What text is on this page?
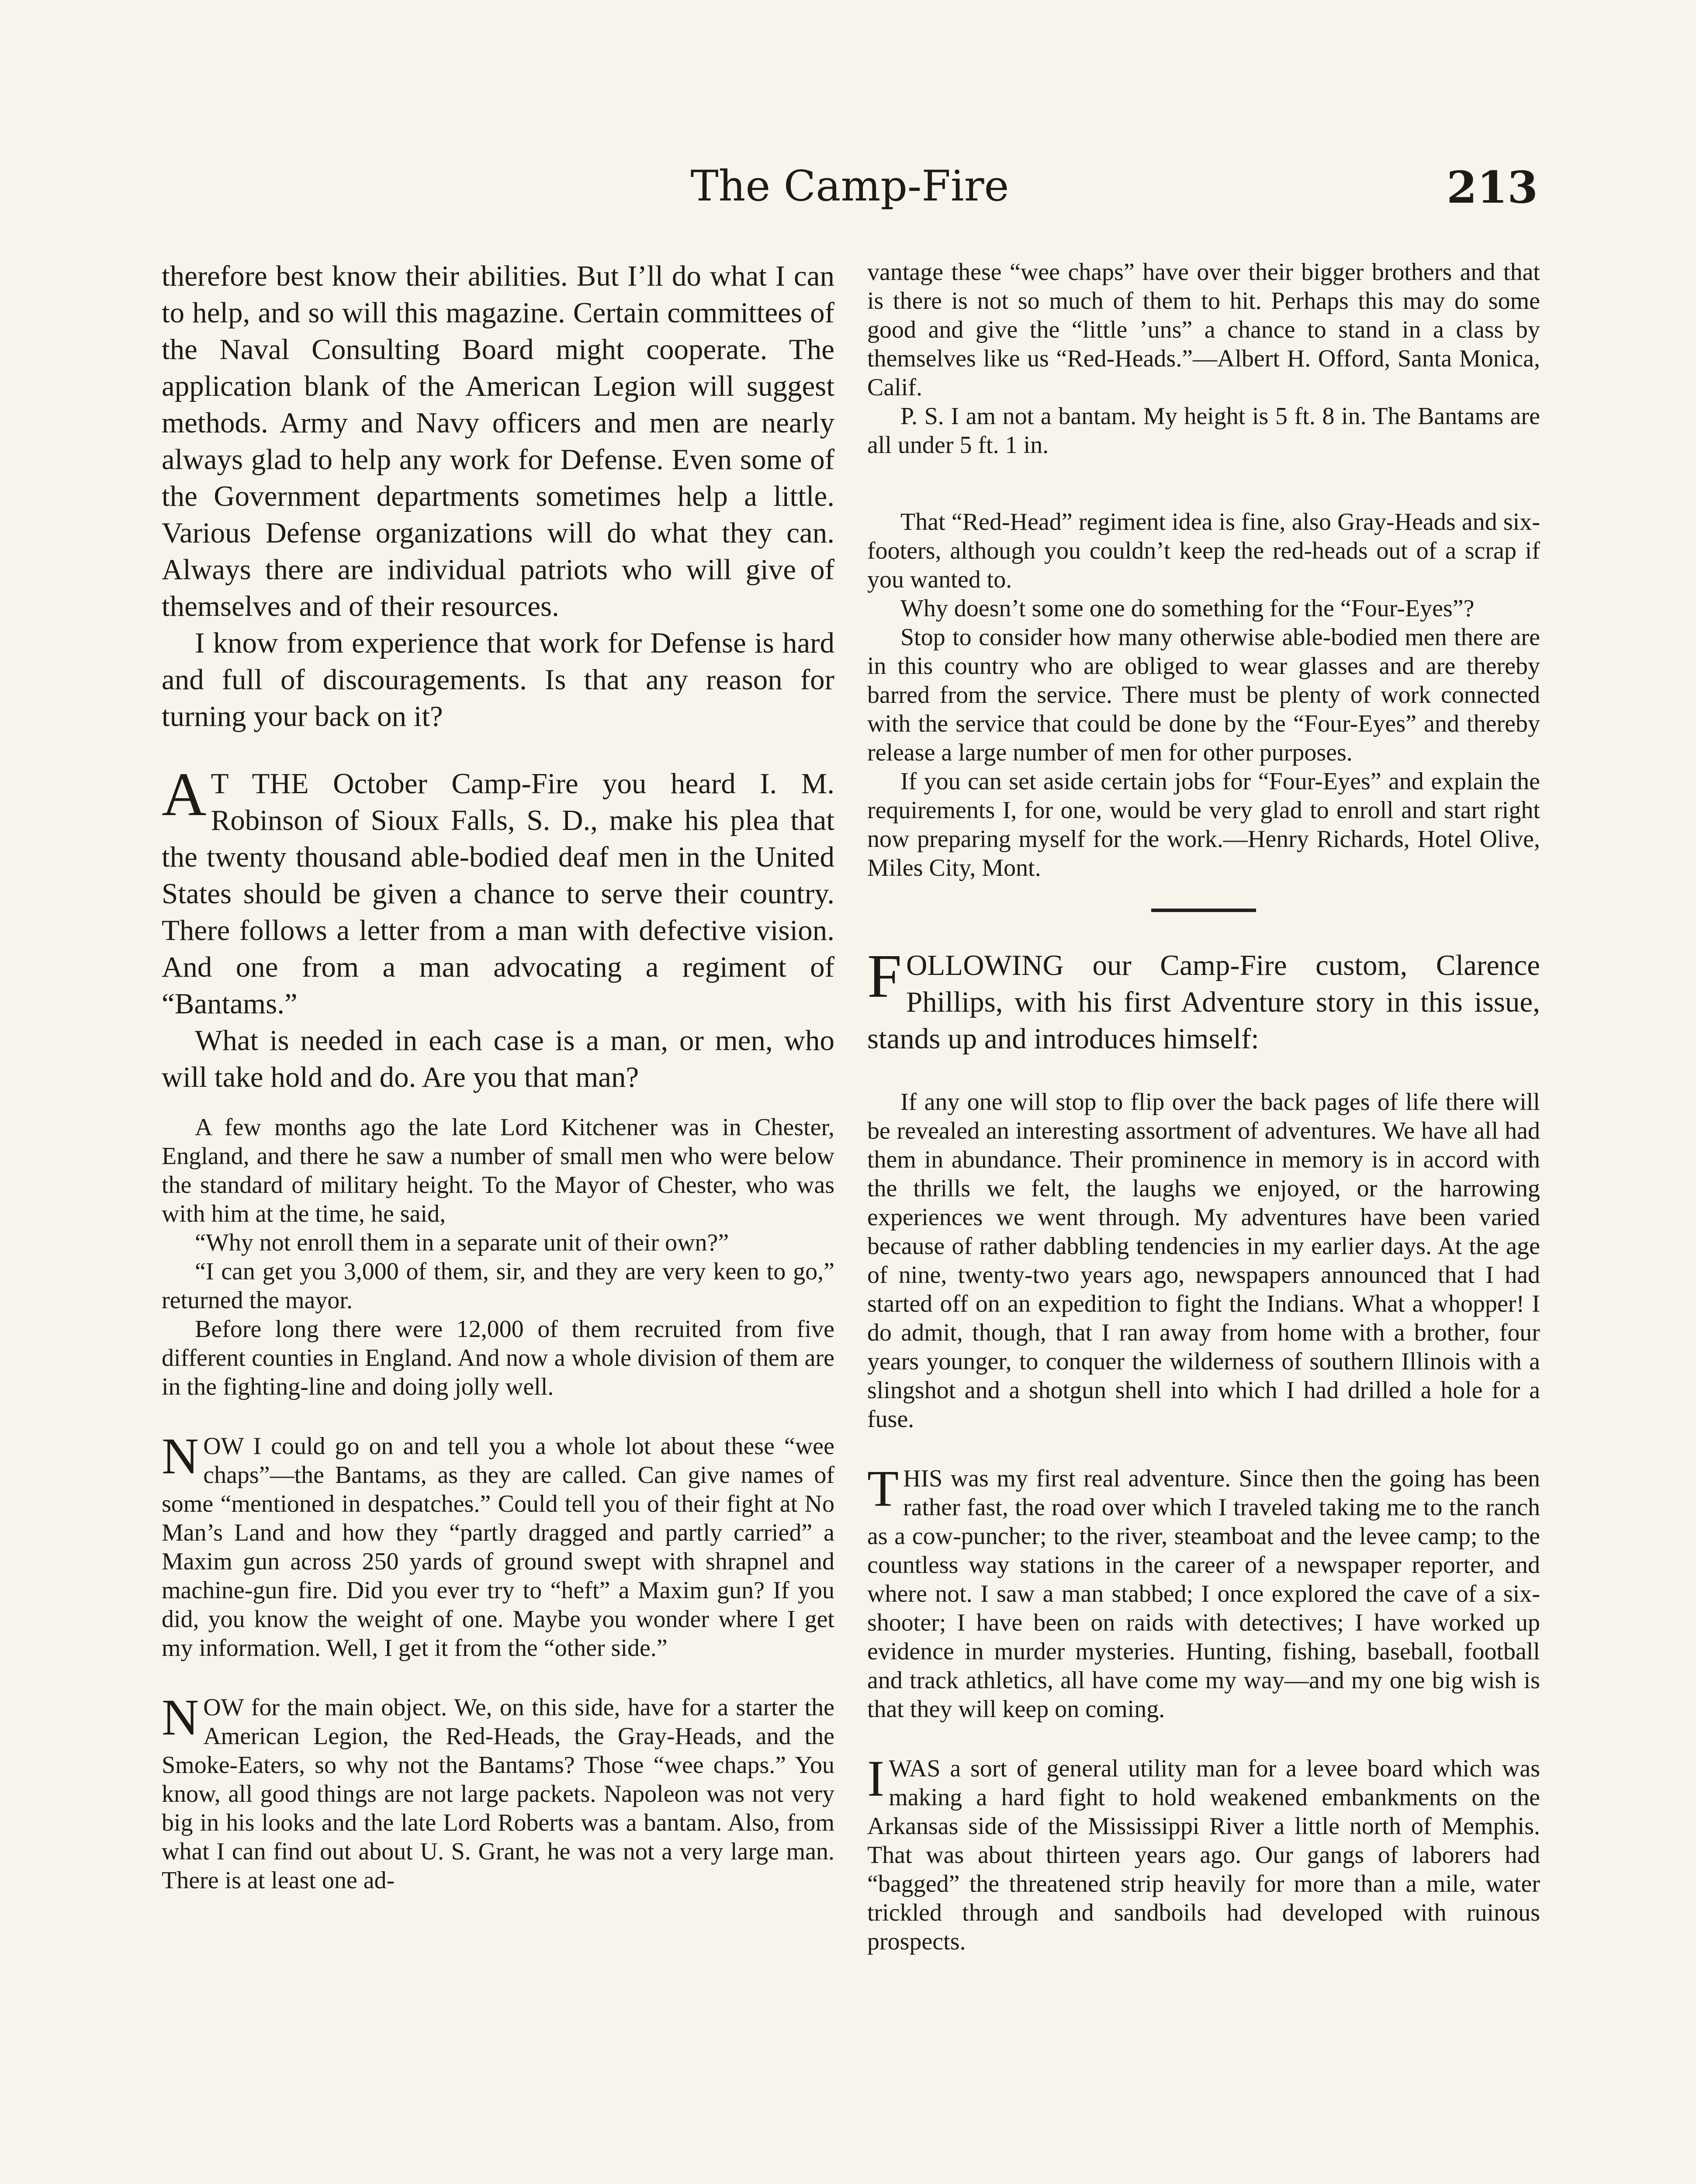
The Camp-Fire	213

therefore best know their abilities. But I’ll do what I can to help, and so will this magazine. Certain committees of the Naval Consulting Board might cooperate. The application blank of the American Legion will suggest methods. Army and Navy officers and men are nearly always glad to help any work for Defense. Even some of the Government departments sometimes help a little. Various Defense organizations will do what they can. Always there are individual patriots who will give of themselves and of their resources.

I know from experience that work for Defense is hard and full of discouragements. Is that any reason for turning your back on it?

A T THE October Camp-Fire you heard I. M. Robinson of Sioux Falls, S. D., make his plea that the twenty thousand able-bodied deaf men in the United States should be given a chance to serve their country. There follows a letter from a man with defective vision. And one from a man advocating a regiment of “Bantams.”

What is needed in each case is a man, or men, who will take hold and do. Are you that man?

A few months ago the late Lord Kitchener was in Chester, England, and there he saw a number of small men who were below the standard of military height. To the Mayor of Chester, who was with him at the time, he said,

“Why not enroll them in a separate unit of their own?”

“I can get you 3,000 of them, sir, and they are very keen to go,” returned the mayor.

Before long there were 12,000 of them recruited from five different counties in England. And now a whole division of them are in the fighting-line and doing jolly well.

NOW I could go on and tell you a whole lot about these “wee chaps”—the Bantams, as they are called. Can give names of some “mentioned in despatches.” Could tell you of their fight at No Man’s Land and how they “partly dragged and partly carried” a Maxim gun across 250 yards of ground swept with shrapnel and machine-gun fire. Did you ever try to “heft” a Maxim gun? If you did, you know the weight of one. Maybe you wonder where I get my information. Well, I get it from the “other side.”

NOW for the main object. We, on this side, have for a starter the American Legion, the Red-Heads, the Gray-Heads, and the Smoke-Eaters, so why not the Bantams? Those “wee chaps.” You know, all good things are not large packets. Napoleon was not very big in his looks and the late Lord Roberts was a bantam. Also, from what I can find out about U. S. Grant, he was not a very large man. There is at least one ad-

vantage these “wee chaps” have over their bigger brothers and that is there is not so much of them to hit. Perhaps this may do some good and give the “little ’uns” a chance to stand in a class by themselves like us “Red-Heads.”—Albert H. Offord, Santa Monica, Calif.

P. S. I am not a bantam. My height is 5 ft. 8 in. The Bantams are all under 5 ft. 1 in.

That “Red-Head” regiment idea is fine, also Gray-Heads and six-footers, although you couldn’t keep the red-heads out of a scrap if you wanted to.

Why doesn’t some one do something for the “Four-Eyes”?

Stop to consider how many otherwise able-bodied men there are in this country who are obliged to wear glasses and are thereby barred from the service. There must be plenty of work connected with the service that could be done by the “Four-Eyes” and thereby release a large number of men for other purposes.

If you can set aside certain jobs for “Four-Eyes” and explain the requirements I, for one, would be very glad to enroll and start right now preparing myself for the work.—Henry Richards, Hotel Olive, Miles City, Mont.

FOLLOWING our Camp-Fire custom, Clarence Phillips, with his first Adventure story in this issue, stands up and introduces himself:

If any one will stop to flip over the back pages of life there will be revealed an interesting assortment of adventures. We have all had them in abundance. Their prominence in memory is in accord with the thrills we felt, the laughs we enjoyed, or the harrowing experiences we went through. My adventures have been varied because of rather dabbling tendencies in my earlier days. At the age of nine, twenty-two years ago, newspapers announced that I had started off on an expedition to fight the Indians. What a whopper! I do admit, though, that I ran away from home with a brother, four years younger, to conquer the wilderness of southern Illinois with a slingshot and a shotgun shell into which I had drilled a hole for a fuse.

THIS was my first real adventure. Since then the going has been rather fast, the road over which I traveled taking me to the ranch as a cow-puncher; to the river, steamboat and the levee camp; to the countless way stations in the career of a newspaper reporter, and where not. I saw a man stabbed; I once explored the cave of a six-shooter; I have been on raids with detectives; I have worked up evidence in murder mysteries. Hunting, fishing, baseball, football and track athletics, all have come my way—and my one big wish is that they will keep on coming.

IWAS a sort of general utility man for a levee board which was making a hard fight to hold weakened embankments on the Arkansas side of the Mississippi River a little north of Memphis. That was about thirteen years ago. Our gangs of laborers had “bagged” the threatened strip heavily for more than a mile, water trickled through and sandboils had developed with ruinous prospects.
